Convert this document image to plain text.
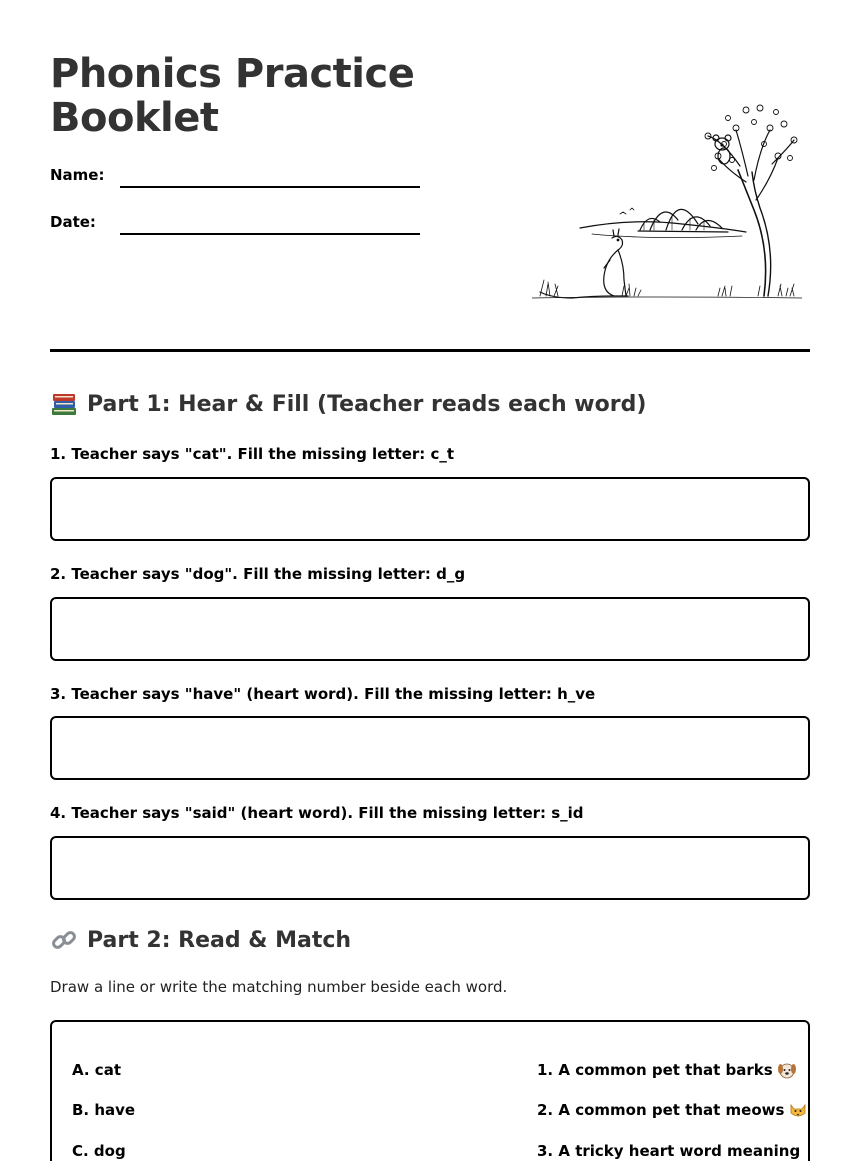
Phonics Practice Booklet
Name:
Date:
Part 1: Hear & Fill (Teacher reads each word)
1. Teacher says "cat". Fill the missing letter: c_t
2. Teacher says "dog". Fill the missing letter: d_g
3. Teacher says "have" (heart word). Fill the missing letter: h_ve
4. Teacher says "said" (heart word). Fill the missing letter: s_id
Part 2: Read & Match
Draw a line or write the matching number beside each word.
A. cat
B. have
C. dog
1. A common pet that barks
2. A common pet that meows
3. A tricky heart word meaning
